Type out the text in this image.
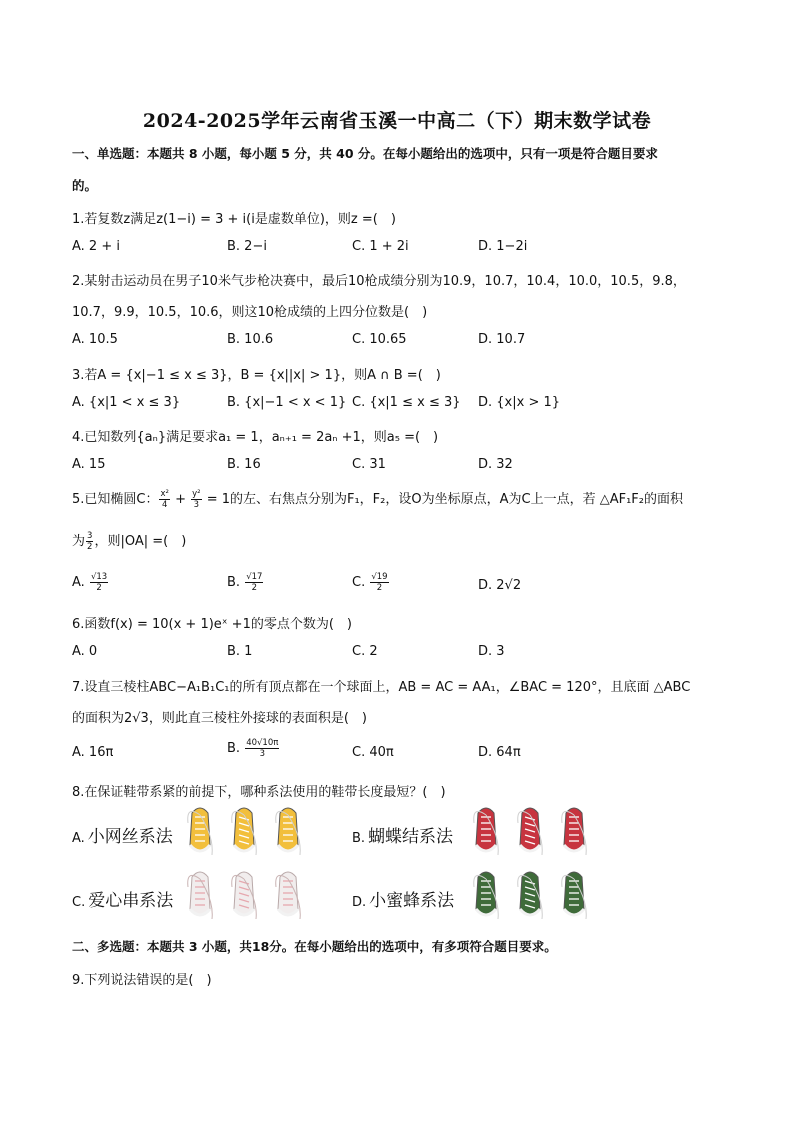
2024-2025学年云南省玉溪一中高二（下）期末数学试卷
一、单选题：本题共 8 小题，每小题 5 分，共 40 分。在每小题给出的选项中，只有一项是符合题目要求
的。
1.若复数z满足z(1−i) = 3 + i(i是虚数单位)，则z =(　)
A. 2 + i	B. 2−i	C. 1 + 2i	D. 1−2i
2.某射击运动员在男子10米气步枪决赛中，最后10枪成绩分别为10.9，10.7，10.4，10.0，10.5，9.8，
10.7，9.9，10.5，10.6，则这10枪成绩的上四分位数是(　)
A. 10.5	B. 10.6	C. 10.65	D. 10.7
3.若A = {x|−1 ≤ x ≤ 3}，B = {x||x| > 1}，则A ∩ B =(　)
A. {x|1 < x ≤ 3}	B. {x|−1 < x < 1} C. {x|1 ≤ x ≤ 3} D. {x|x > 1}
4.已知数列{aₙ}满足要求a₁ = 1，aₙ₊₁ = 2aₙ +1，则a₅ =(　)
A. 15	B. 16	C. 31	D. 32
5.已知椭圆C： $\frac{\text{x²}}{4} + \frac{\text{y²}}{3} = 1$的左、右焦点分别为F₁，F₂，设O为坐标原点，A为C上一点，若 △AF₁F₂的面积
为 $\frac{3}{2}$ ，则|OA| =(　)
A. $\frac{√13}{2}$	B. $\frac{√17}{2}$	C. $\frac{√19}{2}$	D. 2√2
6.函数f(x) = 10(x + 1)eˣ +1的零点个数为(　)
A. 0	B. 1	C. 2	D. 3
7.设直三棱柱ABC−A₁B₁C₁的所有顶点都在一个球面上，AB = AC = AA₁，∠BAC = 120°，且底面 △ABC
的面积为2√3，则此直三棱柱外接球的表面积是(　)
A. 16π	B. $\frac{40√10\pi}{3}$	C. 40π	D. 64π
8.在保证鞋带系紧的前提下，哪种系法使用的鞋带长度最短？(　)
A. 小网丝系法	B. 蝴蝶结系法
C. 爱心串系法	D. 小蜜蜂系法
二、多选题：本题共 3 小题，共18分。在每小题给出的选项中，有多项符合题目要求。
9.下列说法错误的是(　)
